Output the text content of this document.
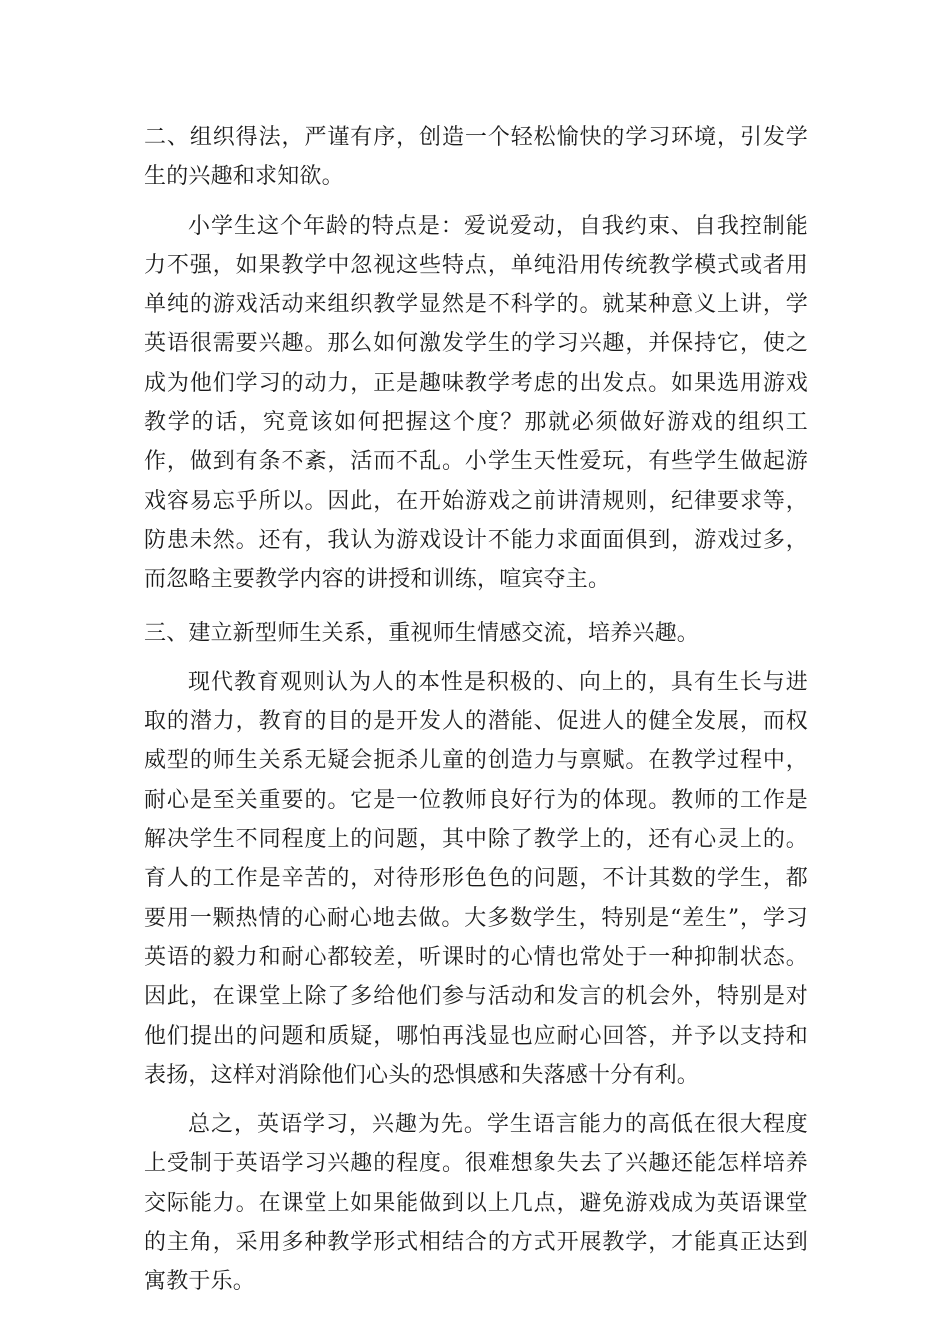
二、组织得法，严谨有序，创造一个轻松愉快的学习环境，引发学生的兴趣和求知欲。

小学生这个年龄的特点是：爱说爱动，自我约束、自我控制能力不强，如果教学中忽视这些特点，单纯沿用传统教学模式或者用单纯的游戏活动来组织教学显然是不科学的。就某种意义上讲，学英语很需要兴趣。那么如何激发学生的学习兴趣，并保持它，使之成为他们学习的动力，正是趣味教学考虑的出发点。如果选用游戏教学的话，究竟该如何把握这个度？那就必须做好游戏的组织工作，做到有条不紊，活而不乱。小学生天性爱玩，有些学生做起游戏容易忘乎所以。因此，在开始游戏之前讲清规则，纪律要求等，防患未然。还有，我认为游戏设计不能力求面面俱到，游戏过多，而忽略主要教学内容的讲授和训练，喧宾夺主。

三、建立新型师生关系，重视师生情感交流，培养兴趣。

现代教育观则认为人的本性是积极的、向上的，具有生长与进取的潜力，教育的目的是开发人的潜能、促进人的健全发展，而权威型的师生关系无疑会扼杀儿童的创造力与禀赋。在教学过程中，耐心是至关重要的。它是一位教师良好行为的体现。教师的工作是解决学生不同程度上的问题，其中除了教学上的，还有心灵上的。育人的工作是辛苦的，对待形形色色的问题，不计其数的学生，都要用一颗热情的心耐心地去做。大多数学生，特别是“差生”，学习英语的毅力和耐心都较差，听课时的心情也常处于一种抑制状态。因此，在课堂上除了多给他们参与活动和发言的机会外，特别是对他们提出的问题和质疑，哪怕再浅显也应耐心回答，并予以支持和表扬，这样对消除他们心头的恐惧感和失落感十分有利。

总之，英语学习，兴趣为先。学生语言能力的高低在很大程度上受制于英语学习兴趣的程度。很难想象失去了兴趣还能怎样培养交际能力。在课堂上如果能做到以上几点，避免游戏成为英语课堂的主角，采用多种教学形式相结合的方式开展教学，才能真正达到寓教于乐。
